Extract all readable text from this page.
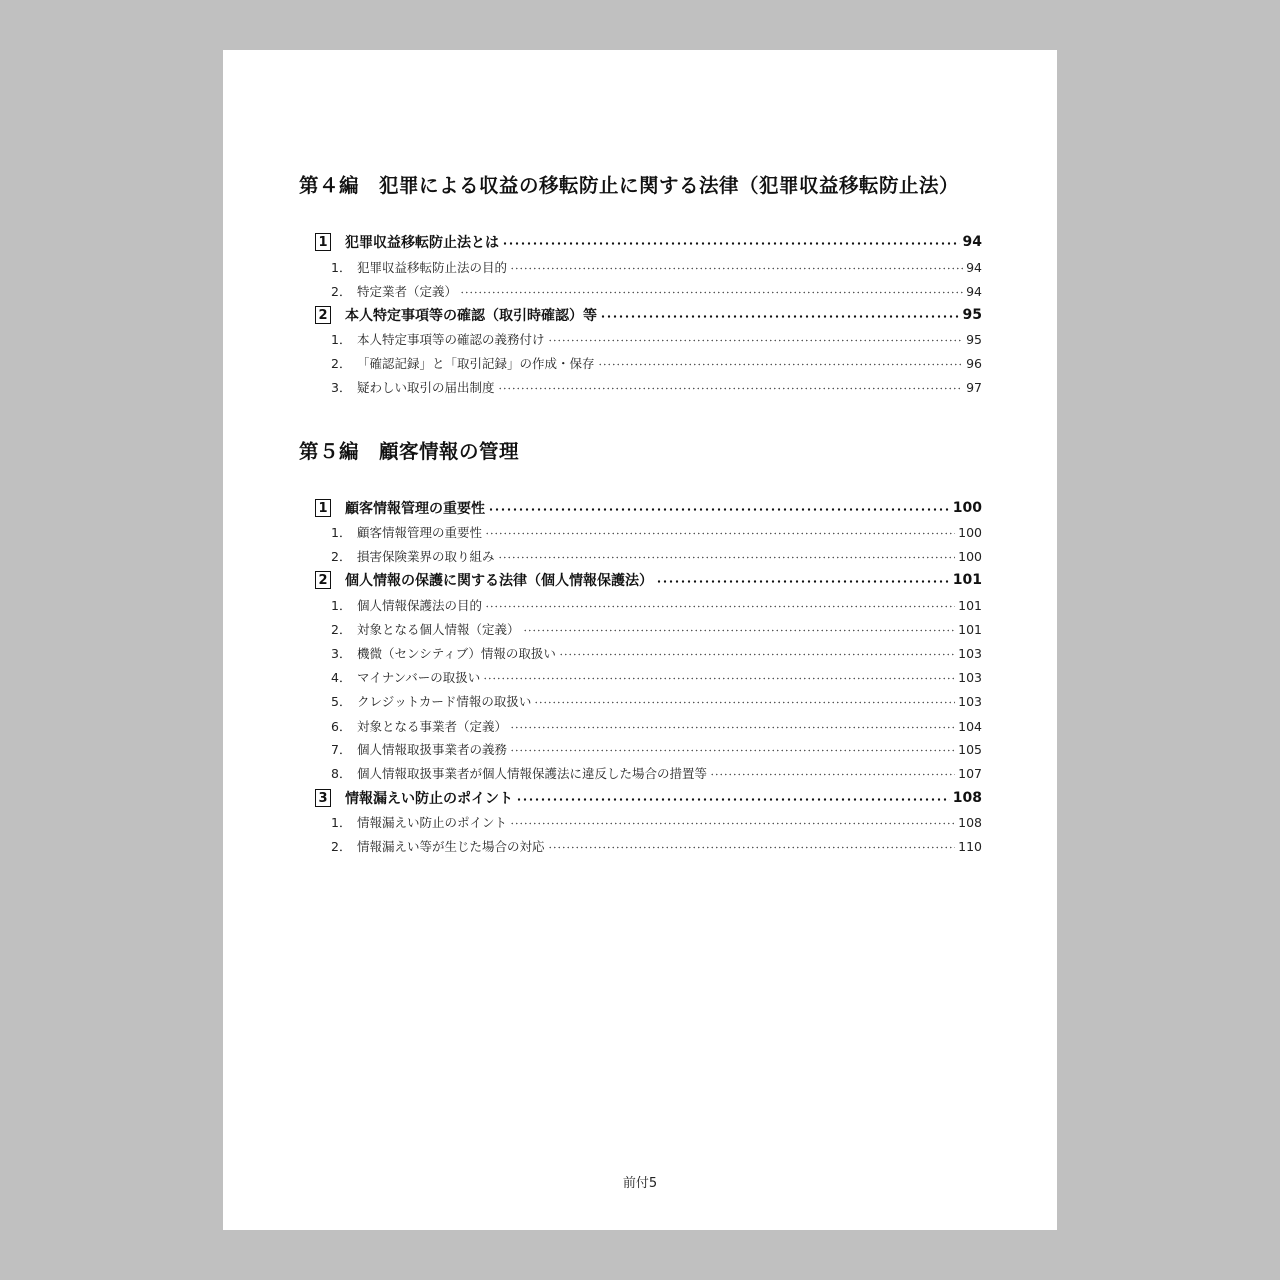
第４編　犯罪による収益の移転防止に関する法律（犯罪収益移転防止法）
1 犯罪収益移転防止法とは	94
1． 犯罪収益移転防止法の目的	94
2． 特定業者（定義）	94
2 本人特定事項等の確認（取引時確認）等	95
1． 本人特定事項等の確認の義務付け	95
2． 「確認記録」と「取引記録」の作成・保存	96
3． 疑わしい取引の届出制度	97
第５編　顧客情報の管理
1 顧客情報管理の重要性	100
1． 顧客情報管理の重要性	100
2． 損害保険業界の取り組み	100
2 個人情報の保護に関する法律（個人情報保護法）	101
1． 個人情報保護法の目的	101
2． 対象となる個人情報（定義）	101
3． 機微（センシティブ）情報の取扱い	103
4． マイナンバーの取扱い	103
5． クレジットカード情報の取扱い	103
6． 対象となる事業者（定義）	104
7． 個人情報取扱事業者の義務	105
8． 個人情報取扱事業者が個人情報保護法に違反した場合の措置等	107
3 情報漏えい防止のポイント	108
1． 情報漏えい防止のポイント	108
2． 情報漏えい等が生じた場合の対応	110
前付5
